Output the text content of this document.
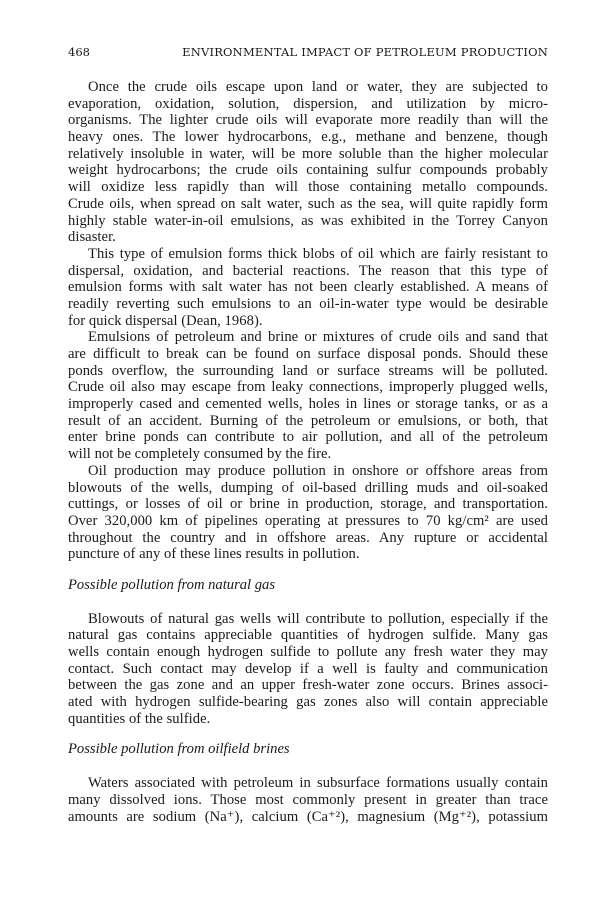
468	ENVIRONMENTAL IMPACT OF PETROLEUM PRODUCTION
Once the crude oils escape upon land or water, they are subjected to
evaporation, oxidation, solution, dispersion, and utilization by micro-
organisms. The lighter crude oils will evaporate more readily than will the
heavy ones. The lower hydrocarbons, e.g., methane and benzene, though
relatively insoluble in water, will be more soluble than the higher molecular
weight hydrocarbons; the crude oils containing sulfur compounds probably
will oxidize less rapidly than will those containing metallo compounds.
Crude oils, when spread on salt water, such as the sea, will quite rapidly form
highly stable water-in-oil emulsions, as was exhibited in the Torrey Canyon
disaster.
This type of emulsion forms thick blobs of oil which are fairly resistant to
dispersal, oxidation, and bacterial reactions. The reason that this type of
emulsion forms with salt water has not been clearly established. A means of
readily reverting such emulsions to an oil-in-water type would be desirable
for quick dispersal (Dean, 1968).
Emulsions of petroleum and brine or mixtures of crude oils and sand that
are difficult to break can be found on surface disposal ponds. Should these
ponds overflow, the surrounding land or surface streams will be polluted.
Crude oil also may escape from leaky connections, improperly plugged wells,
improperly cased and cemented wells, holes in lines or storage tanks, or as a
result of an accident. Burning of the petroleum or emulsions, or both, that
enter brine ponds can contribute to air pollution, and all of the petroleum
will not be completely consumed by the fire.
Oil production may produce pollution in onshore or offshore areas from
blowouts of the wells, dumping of oil-based drilling muds and oil-soaked
cuttings, or losses of oil or brine in production, storage, and transportation.
Over 320,000 km of pipelines operating at pressures to 70 kg/cm² are used
throughout the country and in offshore areas. Any rupture or accidental
puncture of any of these lines results in pollution.
Possible pollution from natural gas
Blowouts of natural gas wells will contribute to pollution, especially if the
natural gas contains appreciable quantities of hydrogen sulfide. Many gas
wells contain enough hydrogen sulfide to pollute any fresh water they may
contact. Such contact may develop if a well is faulty and communication
between the gas zone and an upper fresh-water zone occurs. Brines associ-
ated with hydrogen sulfide-bearing gas zones also will contain appreciable
quantities of the sulfide.
Possible pollution from oilfield brines
Waters associated with petroleum in subsurface formations usually contain
many dissolved ions. Those most commonly present in greater than trace
amounts are sodium (Na⁺), calcium (Ca⁺²), magnesium (Mg⁺²), potassium
